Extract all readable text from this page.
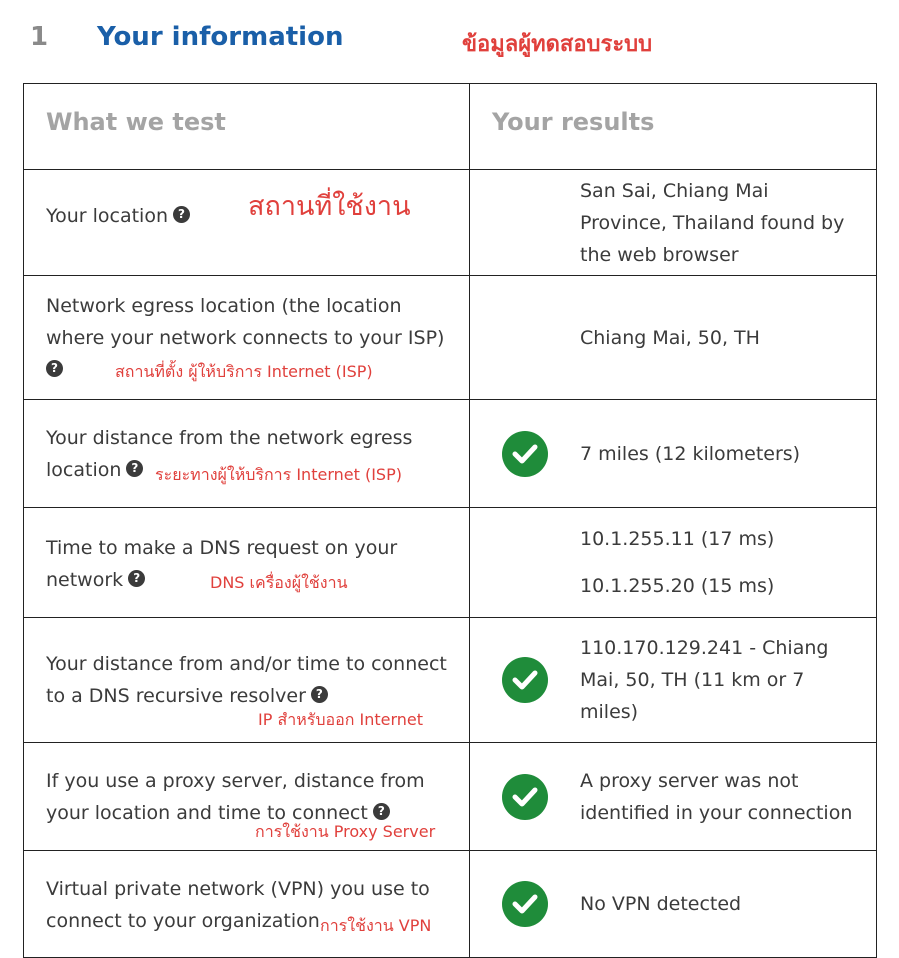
1 Your information	ข้อมูลผู้ทดสอบระบบ
What we test	Your results
Your location ?
San Sai, Chiang Mai Province, Thailand found by the web browser
Network egress location (the location where your network connects to your ISP)
?
Chiang Mai, 50, TH
Your distance from the network egress location ?
7 miles (12 kilometers)
Time to make a DNS request on your network ?
10.1.255.11 (17 ms)
10.1.255.20 (15 ms)
Your distance from and/or time to connect to a DNS recursive resolver ?
110.170.129.241 - Chiang Mai, 50, TH (11 km or 7 miles)
If you use a proxy server, distance from your location and time to connect ?
A proxy server was not identified in your connection
Virtual private network (VPN) you use to connect to your organization
No VPN detected
สถานที่ใช้งาน
สถานที่ตั้ง ผู้ให้บริการ Internet (ISP)
ระยะทางผู้ให้บริการ Internet (ISP)
DNS เครื่องผู้ใช้งาน
IP สำหรับออก Internet
การใช้งาน Proxy Server
การใช้งาน VPN
